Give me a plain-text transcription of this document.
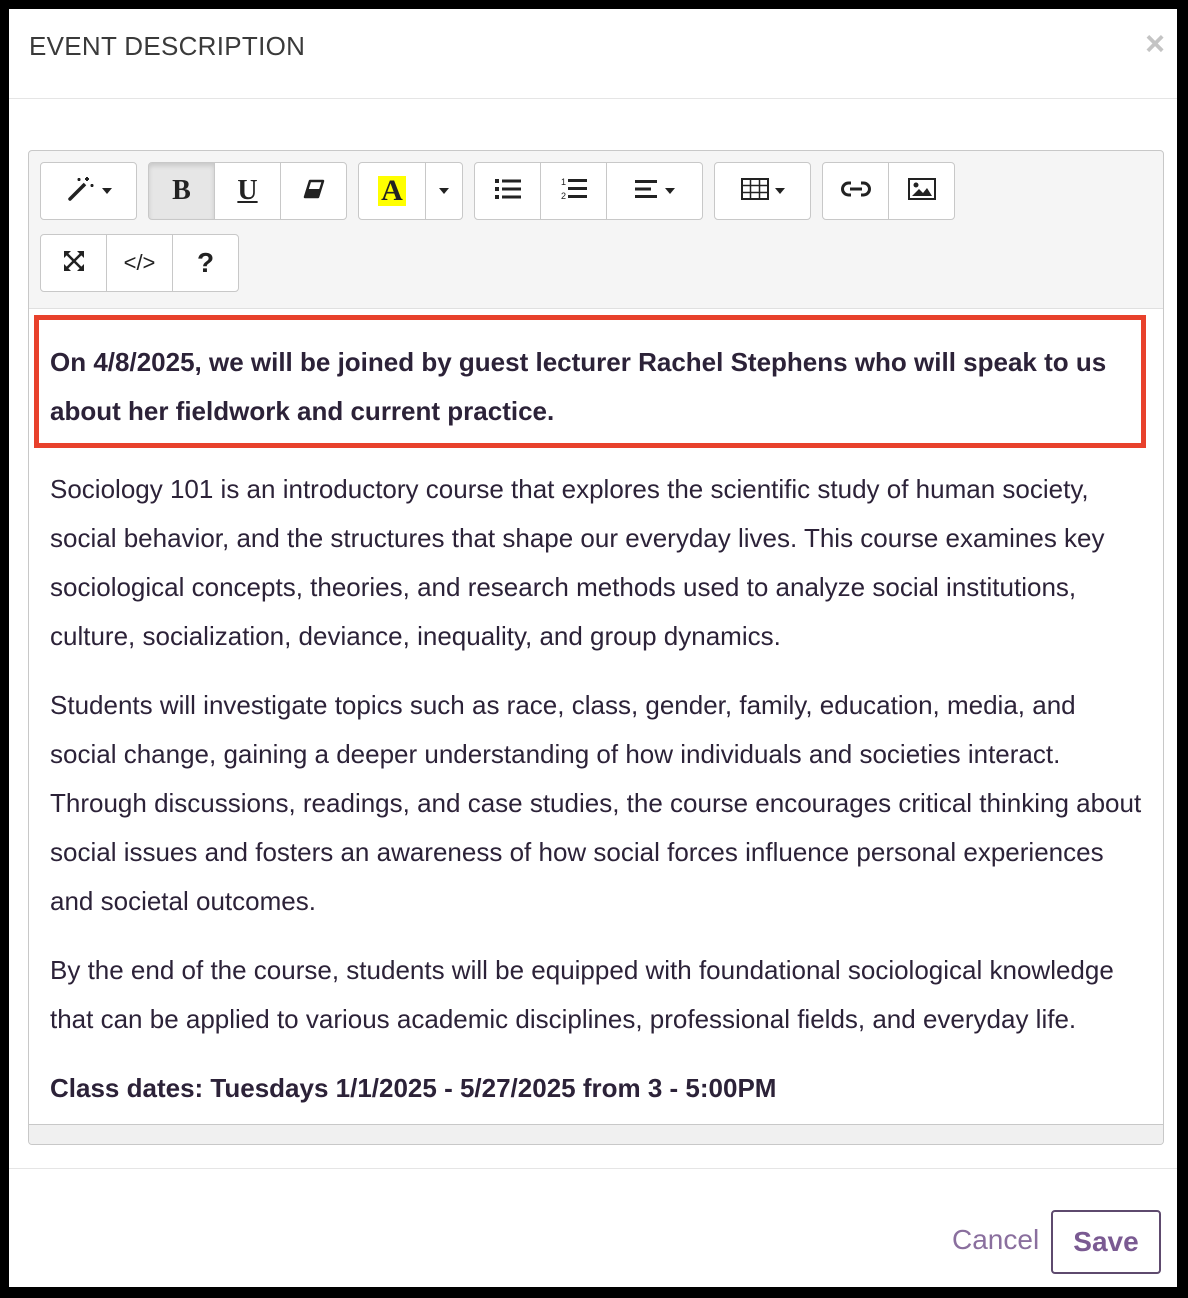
EVENT DESCRIPTION	×
B U	A	1
2
</> ?

On 4/8/2025, we will be joined by guest lecturer Rachel Stephens who will speak to us about her fieldwork and current practice.

Sociology 101 is an introductory course that explores the scientific study of human society, social behavior, and the structures that shape our everyday lives. This course examines key sociological concepts, theories, and research methods used to analyze social institutions, culture, socialization, deviance, inequality, and group dynamics.

Students will investigate topics such as race, class, gender, family, education, media, and social change, gaining a deeper understanding of how individuals and societies interact. Through discussions, readings, and case studies, the course encourages critical thinking about social issues and fosters an awareness of how social forces influence personal experiences and societal outcomes.

By the end of the course, students will be equipped with foundational sociological knowledge that can be applied to various academic disciplines, professional fields, and everyday life.

Class dates: Tuesdays 1/1/2025 - 5/27/2025 from 3 - 5:00PM

Cancel	Save
